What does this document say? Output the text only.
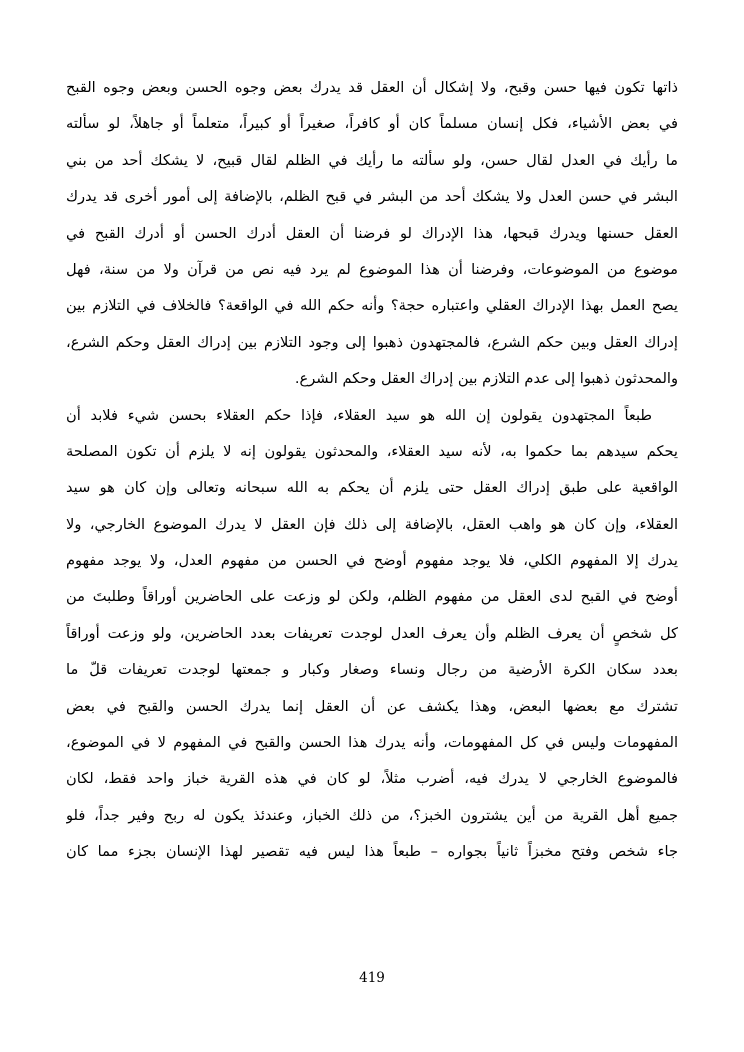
ذاتها تكون فيها حسن وقبح، ولا إشكال أن العقل قد يدرك بعض وجوه الحسن وبعض وجوه القبح
في بعض الأشياء، فكل إنسان مسلماً كان أو كافراً، صغيراً أو كبيراً، متعلماً أو جاهلاً، لو سألته
ما رأيك في العدل لقال حسن، ولو سألته ما رأيك في الظلم لقال قبيح، لا يشكك أحد من بني
البشر في حسن العدل ولا يشكك أحد من البشر في قبح الظلم، بالإضافة إلى أمور أخرى قد يدرك
العقل حسنها ويدرك قبحها، هذا الإدراك لو فرضنا أن العقل أدرك الحسن أو أدرك القبح في
موضوع من الموضوعات، وفرضنا أن هذا الموضوع لم يرد فيه نص من قرآن ولا من سنة، فهل
يصح العمل بهذا الإدراك العقلي واعتباره حجة؟ وأنه حكم الله في الواقعة؟ فالخلاف في التلازم بين
إدراك العقل وبين حكم الشرع، فالمجتهدون ذهبوا إلى وجود التلازم بين إدراك العقل وحكم الشرع،
والمحدثون ذهبوا إلى عدم التلازم بين إدراك العقل وحكم الشرع.
طبعاً المجتهدون يقولون إن الله هو سيد العقلاء، فإذا حكم العقلاء بحسن شيء فلابد أن
يحكم سيدهم بما حكموا به، لأنه سيد العقلاء، والمحدثون يقولون إنه لا يلزم أن تكون المصلحة
الواقعية على طبق إدراك العقل حتى يلزم أن يحكم به الله سبحانه وتعالى وإن كان هو سيد
العقلاء، وإن كان هو واهب العقل، بالإضافة إلى ذلك فإن العقل لا يدرك الموضوع الخارجي، ولا
يدرك إلا المفهوم الكلي، فلا يوجد مفهوم أوضح في الحسن من مفهوم العدل، ولا يوجد مفهوم
أوضح في القبح لدى العقل من مفهوم الظلم، ولكن لو وزعت على الحاضرين أوراقاً وطلبتَ من
كل شخصٍ أن يعرف الظلم وأن يعرف العدل لوجدت تعريفات بعدد الحاضرين، ولو وزعت أوراقاً
بعدد سكان الكرة الأرضية من رجال ونساء وصغار وكبار و جمعتها لوجدت تعريفات قلّ ما
تشترك مع بعضها البعض، وهذا يكشف عن أن العقل إنما يدرك الحسن والقبح في بعض
المفهومات وليس في كل المفهومات، وأنه يدرك هذا الحسن والقبح في المفهوم لا في الموضوع،
فالموضوع الخارجي لا يدرك فيه، أضرب مثلاً، لو كان في هذه القرية خباز واحد فقط، لكان
جميع أهل القرية من أين يشترون الخبز؟، من ذلك الخباز، وعندئذ يكون له ربح وفير جداً، فلو
جاء شخص وفتح مخبزاً ثانياً بجواره – طبعاً هذا ليس فيه تقصير لهذا الإنسان بجزء مما كان
419
